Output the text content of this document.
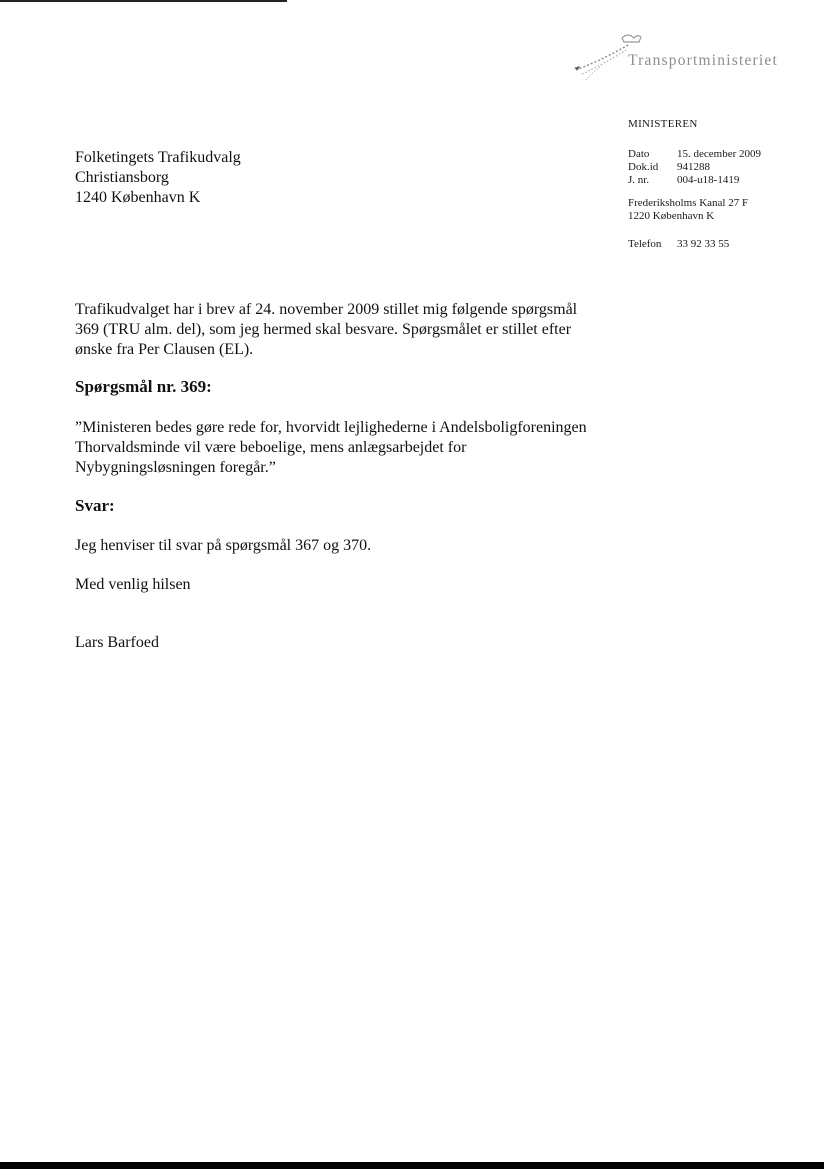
Transportministeriet
MINISTEREN
Dato	15. december 2009
Dok.id 941288
J. nr.	004-u18-1419
Frederiksholms Kanal 27 F
1220 København K
Telefon 33 92 33 55
Folketingets Trafikudvalg
Christiansborg
1240 København K

Trafikudvalget har i brev af 24. november 2009 stillet mig følgende spørgsmål

369 (TRU alm. del), som jeg hermed skal besvare. Spørgsmålet er stillet efter

ønske fra Per Clausen (EL).

Spørgsmål nr. 369:

”Ministeren bedes gøre rede for, hvorvidt lejlighederne i Andelsboligforeningen

Thorvaldsminde vil være beboelige, mens anlægsarbejdet for

Nybygningsløsningen foregår.”

Svar:

Jeg henviser til svar på spørgsmål 367 og 370.

Med venlig hilsen

Lars Barfoed
